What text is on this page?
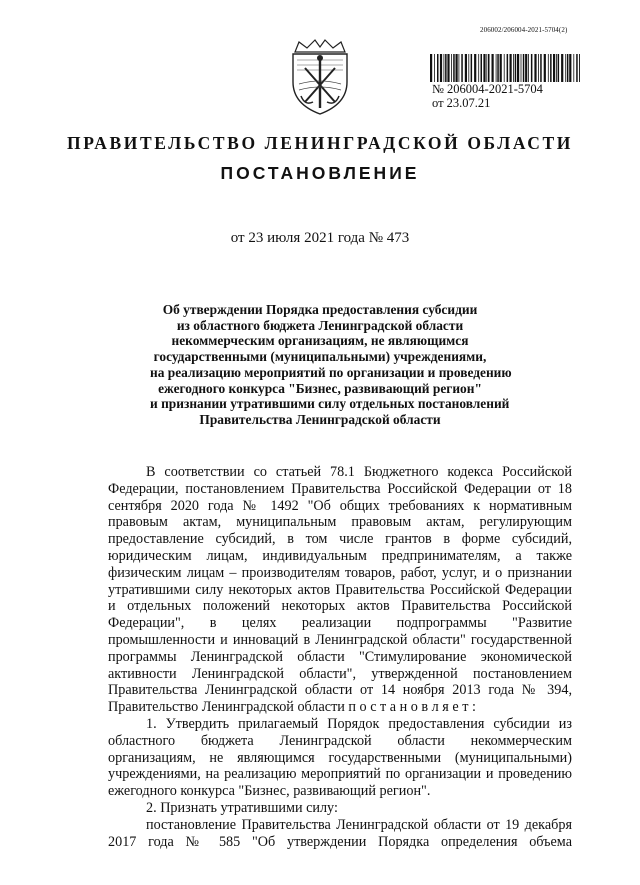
206002/206004-2021-5704(2)
№ 206004-2021-5704
от 23.07.21
ПРАВИТЕЛЬСТВО ЛЕНИНГРАДСКОЙ ОБЛАСТИ
ПОСТАНОВЛЕНИЕ
от 23 июля 2021 года № 473
Об утверждении Порядка предоставления субсидии
из областного бюджета Ленинградской области
некоммерческим организациям, не являющимся
государственными (муниципальными) учреждениями,
на реализацию мероприятий по организации и проведению
ежегодного конкурса "Бизнес, развивающий регион"
и признании утратившими силу отдельных постановлений
Правительства Ленинградской области

В соответствии со статьей 78.1 Бюджетного кодекса Российской Федерации, постановлением Правительства Российской Федерации от 18 сентября 2020 года № 1492 "Об общих требованиях к нормативным правовым актам, муниципальным правовым актам, регулирующим предоставление субсидий, в том числе грантов в форме субсидий, юридическим лицам, индивидуальным предпринимателям, а также физическим лицам – производителям товаров, работ, услуг, и о признании утратившими силу некоторых актов Правительства Российской Федерации и отдельных положений некоторых актов Правительства Российской Федерации", в целях реализации подпрограммы "Развитие промышленности и инноваций в Ленинградской области" государственной программы Ленинградской области "Стимулирование экономической активности Ленинградской области", утвержденной постановлением Правительства Ленинградской области от 14 ноября 2013 года № 394, Правительство Ленинградской области п о с т а н о в л я е т :

1. Утвердить прилагаемый Порядок предоставления субсидии из областного бюджета Ленинградской области некоммерческим организациям, не являющимся государственными (муниципальными) учреждениями, на реализацию мероприятий по организации и проведению ежегодного конкурса "Бизнес, развивающий регион".

2. Признать утратившими силу:

постановление Правительства Ленинградской области от 19 декабря 2017 года № 585 "Об утверждении Порядка определения объема
